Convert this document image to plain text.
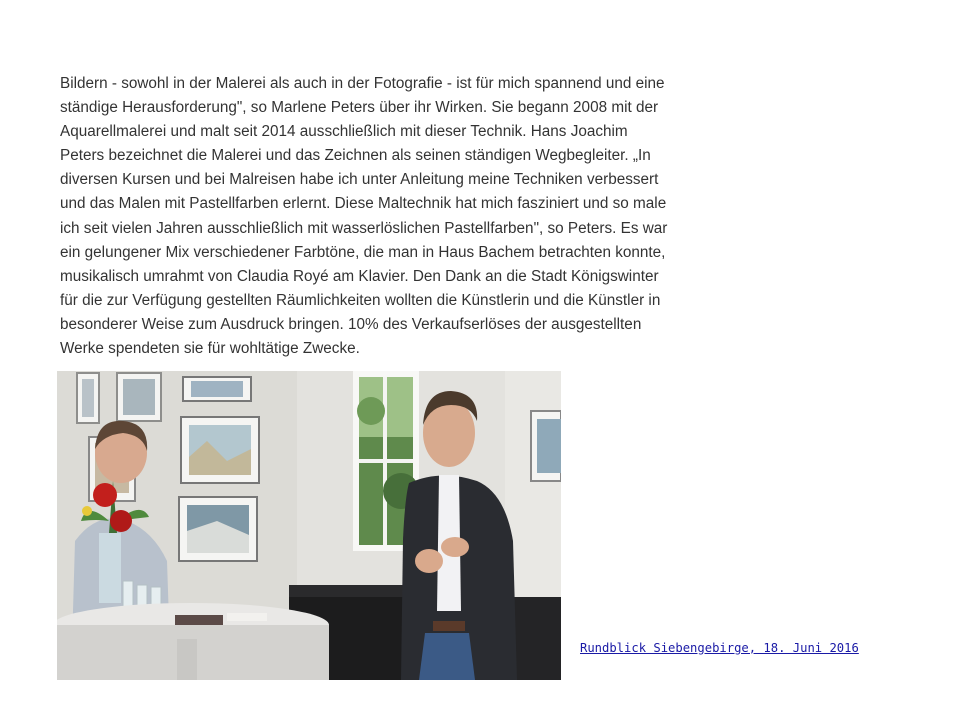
Bildern - sowohl in der Malerei als auch in der Fotografie - ist für mich spannend und eine
ständige Herausforderung", so Marlene Peters über ihr Wirken. Sie begann 2008 mit der
Aquarellmalerei und malt seit 2014 ausschließlich mit dieser Technik. Hans Joachim
Peters bezeichnet die Malerei und das Zeichnen als seinen ständigen Wegbegleiter. „In
diversen Kursen und bei Malreisen habe ich unter Anleitung meine Techniken verbessert
und das Malen mit Pastellfarben erlernt. Diese Maltechnik hat mich fasziniert und so male
ich seit vielen Jahren ausschließlich mit wasserlöslichen Pastellfarben", so Peters. Es war
ein gelungener Mix verschiedener Farbtöne, die man in Haus Bachem betrachten konnte,
musikalisch umrahmt von Claudia Royé am Klavier. Den Dank an die Stadt Königswinter
für die zur Verfügung gestellten Räumlichkeiten wollten die Künstlerin und die Künstler in
besonderer Weise zum Ausdruck bringen. 10% des Verkaufserlöses der ausgestellten
Werke spendeten sie für wohltätige Zwecke.
Rundblick Siebengebirge, 18. Juni 2016
